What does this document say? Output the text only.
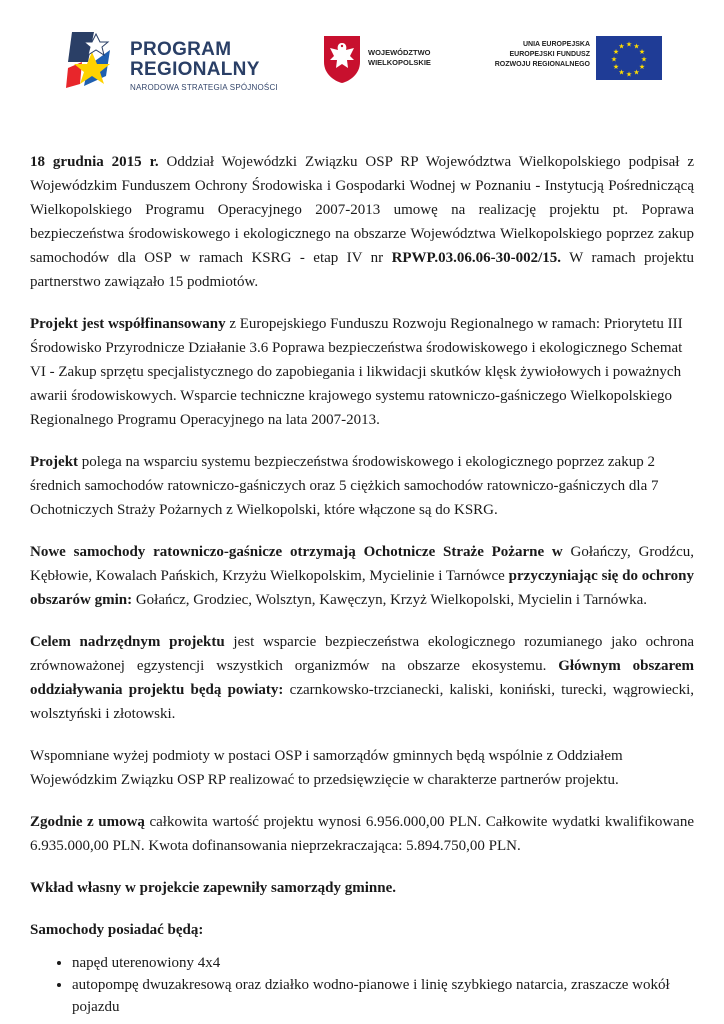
PROGRAM
REGIONALNY
NARODOWA STRATEGIA SPÓJNOŚCI
WOJEWÓDZTWO
WIELKOPOLSKIE
UNIA EUROPEJSKA
EUROPEJSKI FUNDUSZ
ROZWOJU REGIONALNEGO
★ ★
★
★
★
★
★
★
★
★
★
★

18 grudnia 2015 r. Oddział Wojewódzki Związku OSP RP Województwa Wielkopolskiego podpisał z Wojewódzkim Funduszem Ochrony Środowiska i Gospodarki Wodnej w Poznaniu - Instytucją Pośredniczącą Wielkopolskiego Programu Operacyjnego 2007-2013 umowę na realizację projektu pt. Poprawa bezpieczeństwa środowiskowego i ekologicznego na obszarze Województwa Wielkopolskiego poprzez zakup samochodów dla OSP w ramach KSRG - etap IV nr RPWP.03.06.06-30-002/15. W ramach projektu partnerstwo zawiązało 15 podmiotów.

Projekt jest współfinansowany z Europejskiego Funduszu Rozwoju Regionalnego w ramach: Priorytetu III Środowisko Przyrodnicze Działanie 3.6 Poprawa bezpieczeństwa środowiskowego i ekologicznego Schemat VI - Zakup sprzętu specjalistycznego do zapobiegania i likwidacji skutków klęsk żywiołowych i poważnych awarii środowiskowych. Wsparcie techniczne krajowego systemu ratowniczo-gaśniczego Wielkopolskiego Regionalnego Programu Operacyjnego na lata 2007-2013.

Projekt polega na wsparciu systemu bezpieczeństwa środowiskowego i ekologicznego poprzez zakup 2 średnich samochodów ratowniczo-gaśniczych oraz 5 ciężkich samochodów ratowniczo-gaśniczych dla 7 Ochotniczych Straży Pożarnych z Wielkopolski, które włączone są do KSRG.

Nowe samochody ratowniczo-gaśnicze otrzymają Ochotnicze Straże Pożarne w Gołańczy, Grodźcu, Kębłowie, Kowalach Pańskich, Krzyżu Wielkopolskim, Mycielinie i Tarnówce przyczyniając się do ochrony obszarów gmin: Gołańcz, Grodziec, Wolsztyn, Kawęczyn, Krzyż Wielkopolski, Mycielin i Tarnówka.

Celem nadrzędnym projektu jest wsparcie bezpieczeństwa ekologicznego rozumianego jako ochrona zrównoważonej egzystencji wszystkich organizmów na obszarze ekosystemu. Głównym obszarem oddziaływania projektu będą powiaty: czarnkowsko-trzcianecki, kaliski, koniński, turecki, wągrowiecki, wolsztyński i złotowski.

Wspomniane wyżej podmioty w postaci OSP i samorządów gminnych będą wspólnie z Oddziałem Wojewódzkim Związku OSP RP realizować to przedsięwzięcie w charakterze partnerów projektu.

Zgodnie z umową całkowita wartość projektu wynosi 6.956.000,00 PLN. Całkowite wydatki kwalifikowane 6.935.000,00 PLN. Kwota dofinansowania nieprzekraczająca: 5.894.750,00 PLN.

Wkład własny w projekcie zapewniły samorządy gminne.

Samochody posiadać będą:

• napęd uterenowiony 4x4
• autopompę dwuzakresową oraz działko wodno-pianowe i linię szybkiego natarcia, zraszacze wokół pojazdu
